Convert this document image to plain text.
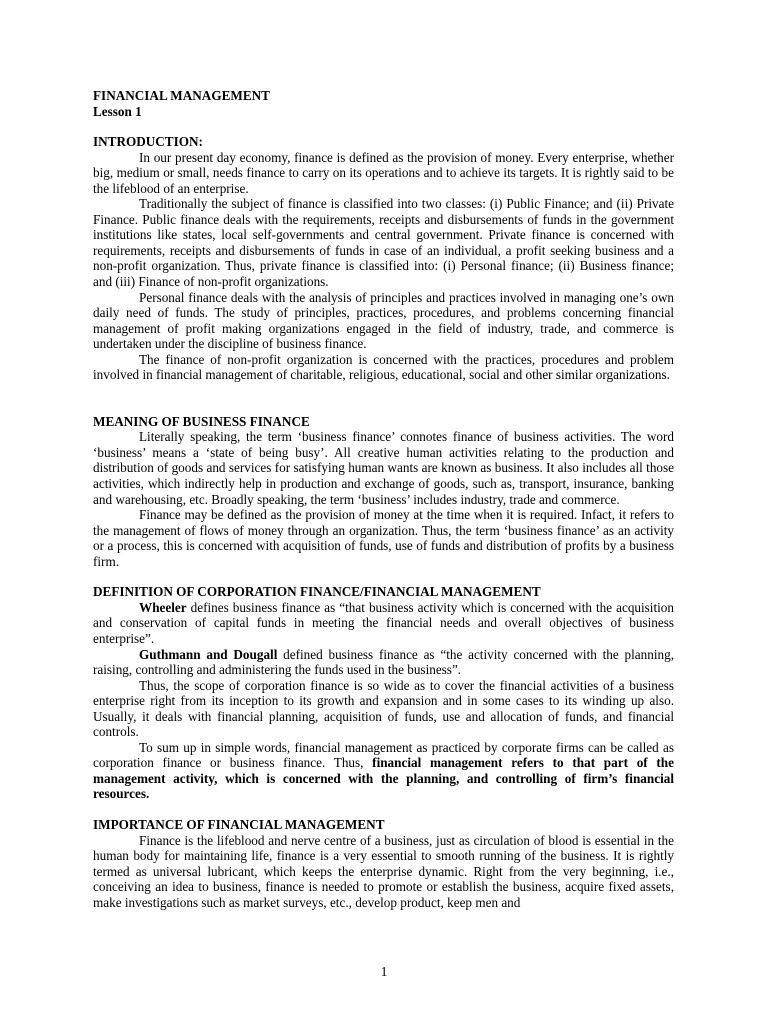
FINANCIAL MANAGEMENT
Lesson 1
INTRODUCTION:

In our present day economy, finance is defined as the provision of money. Every enterprise, whether big, medium or small, needs finance to carry on its operations and to achieve its targets. It is rightly said to be the lifeblood of an enterprise.

Traditionally the subject of finance is classified into two classes: (i) Public Finance; and (ii) Private Finance. Public finance deals with the requirements, receipts and disbursements of funds in the government institutions like states, local self-governments and central government. Private finance is concerned with requirements, receipts and disbursements of funds in case of an individual, a profit seeking business and a non-profit organization. Thus, private finance is classified into: (i) Personal finance; (ii) Business finance; and (iii) Finance of non-profit organizations.

Personal finance deals with the analysis of principles and practices involved in managing one’s own daily need of funds. The study of principles, practices, procedures, and problems concerning financial management of profit making organizations engaged in the field of industry, trade, and commerce is undertaken under the discipline of business finance.

The finance of non-profit organization is concerned with the practices, procedures and problem involved in financial management of charitable, religious, educational, social and other similar organizations.

MEANING OF BUSINESS FINANCE

Literally speaking, the term ‘business finance’ connotes finance of business activities. The word ‘business’ means a ‘state of being busy’. All creative human activities relating to the production and distribution of goods and services for satisfying human wants are known as business. It also includes all those activities, which indirectly help in production and exchange of goods, such as, transport, insurance, banking and warehousing, etc. Broadly speaking, the term ‘business’ includes industry, trade and commerce.

Finance may be defined as the provision of money at the time when it is required. Infact, it refers to the management of flows of money through an organization. Thus, the term ‘business finance’ as an activity or a process, this is concerned with acquisition of funds, use of funds and distribution of profits by a business firm.

DEFINITION OF CORPORATION FINANCE/FINANCIAL MANAGEMENT

Wheeler defines business finance as “that business activity which is concerned with the acquisition and conservation of capital funds in meeting the financial needs and overall objectives of business enterprise”.

Guthmann and Dougall defined business finance as “the activity concerned with the planning, raising, controlling and administering the funds used in the business”.

Thus, the scope of corporation finance is so wide as to cover the financial activities of a business enterprise right from its inception to its growth and expansion and in some cases to its winding up also. Usually, it deals with financial planning, acquisition of funds, use and allocation of funds, and financial controls.

To sum up in simple words, financial management as practiced by corporate firms can be called as corporation finance or business finance. Thus, financial management refers to that part of the management activity, which is concerned with the planning, and controlling of firm’s financial resources.

IMPORTANCE OF FINANCIAL MANAGEMENT

Finance is the lifeblood and nerve centre of a business, just as circulation of blood is essential in the human body for maintaining life, finance is a very essential to smooth running of the business. It is rightly termed as universal lubricant, which keeps the enterprise dynamic. Right from the very beginning, i.e., conceiving an idea to business, finance is needed to promote or establish the business, acquire fixed assets, make investigations such as market surveys, etc., develop product, keep men and

1
